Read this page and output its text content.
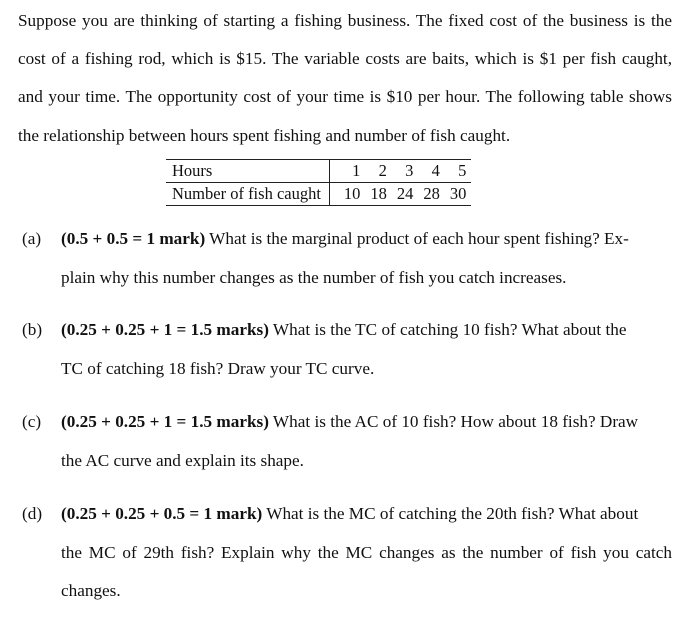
Suppose you are thinking of starting a fishing business. The fixed cost of the business is the cost of a fishing rod, which is $15. The variable costs are baits, which is $1 per fish caught, and your time. The opportunity cost of your time is $10 per hour. The following table shows the relationship between hours spent fishing and number of fish caught.

Hours	1	2	3	4	5
Number of fish caught	10	18	24	28	30
(a) (0.5 + 0.5 = 1 mark) What is the marginal product of each hour spent fishing? Ex-
plain why this number changes as the number of fish you catch increases.
(b) (0.25 + 0.25 + 1 = 1.5 marks) What is the TC of catching 10 fish? What about the
TC of catching 18 fish? Draw your TC curve.
(c) (0.25 + 0.25 + 1 = 1.5 marks) What is the AC of 10 fish? How about 18 fish? Draw
the AC curve and explain its shape.
(d) (0.25 + 0.25 + 0.5 = 1 mark) What is the MC of catching the 20th fish? What about
the MC of 29th fish? Explain why the MC changes as the number of fish you catch changes.
